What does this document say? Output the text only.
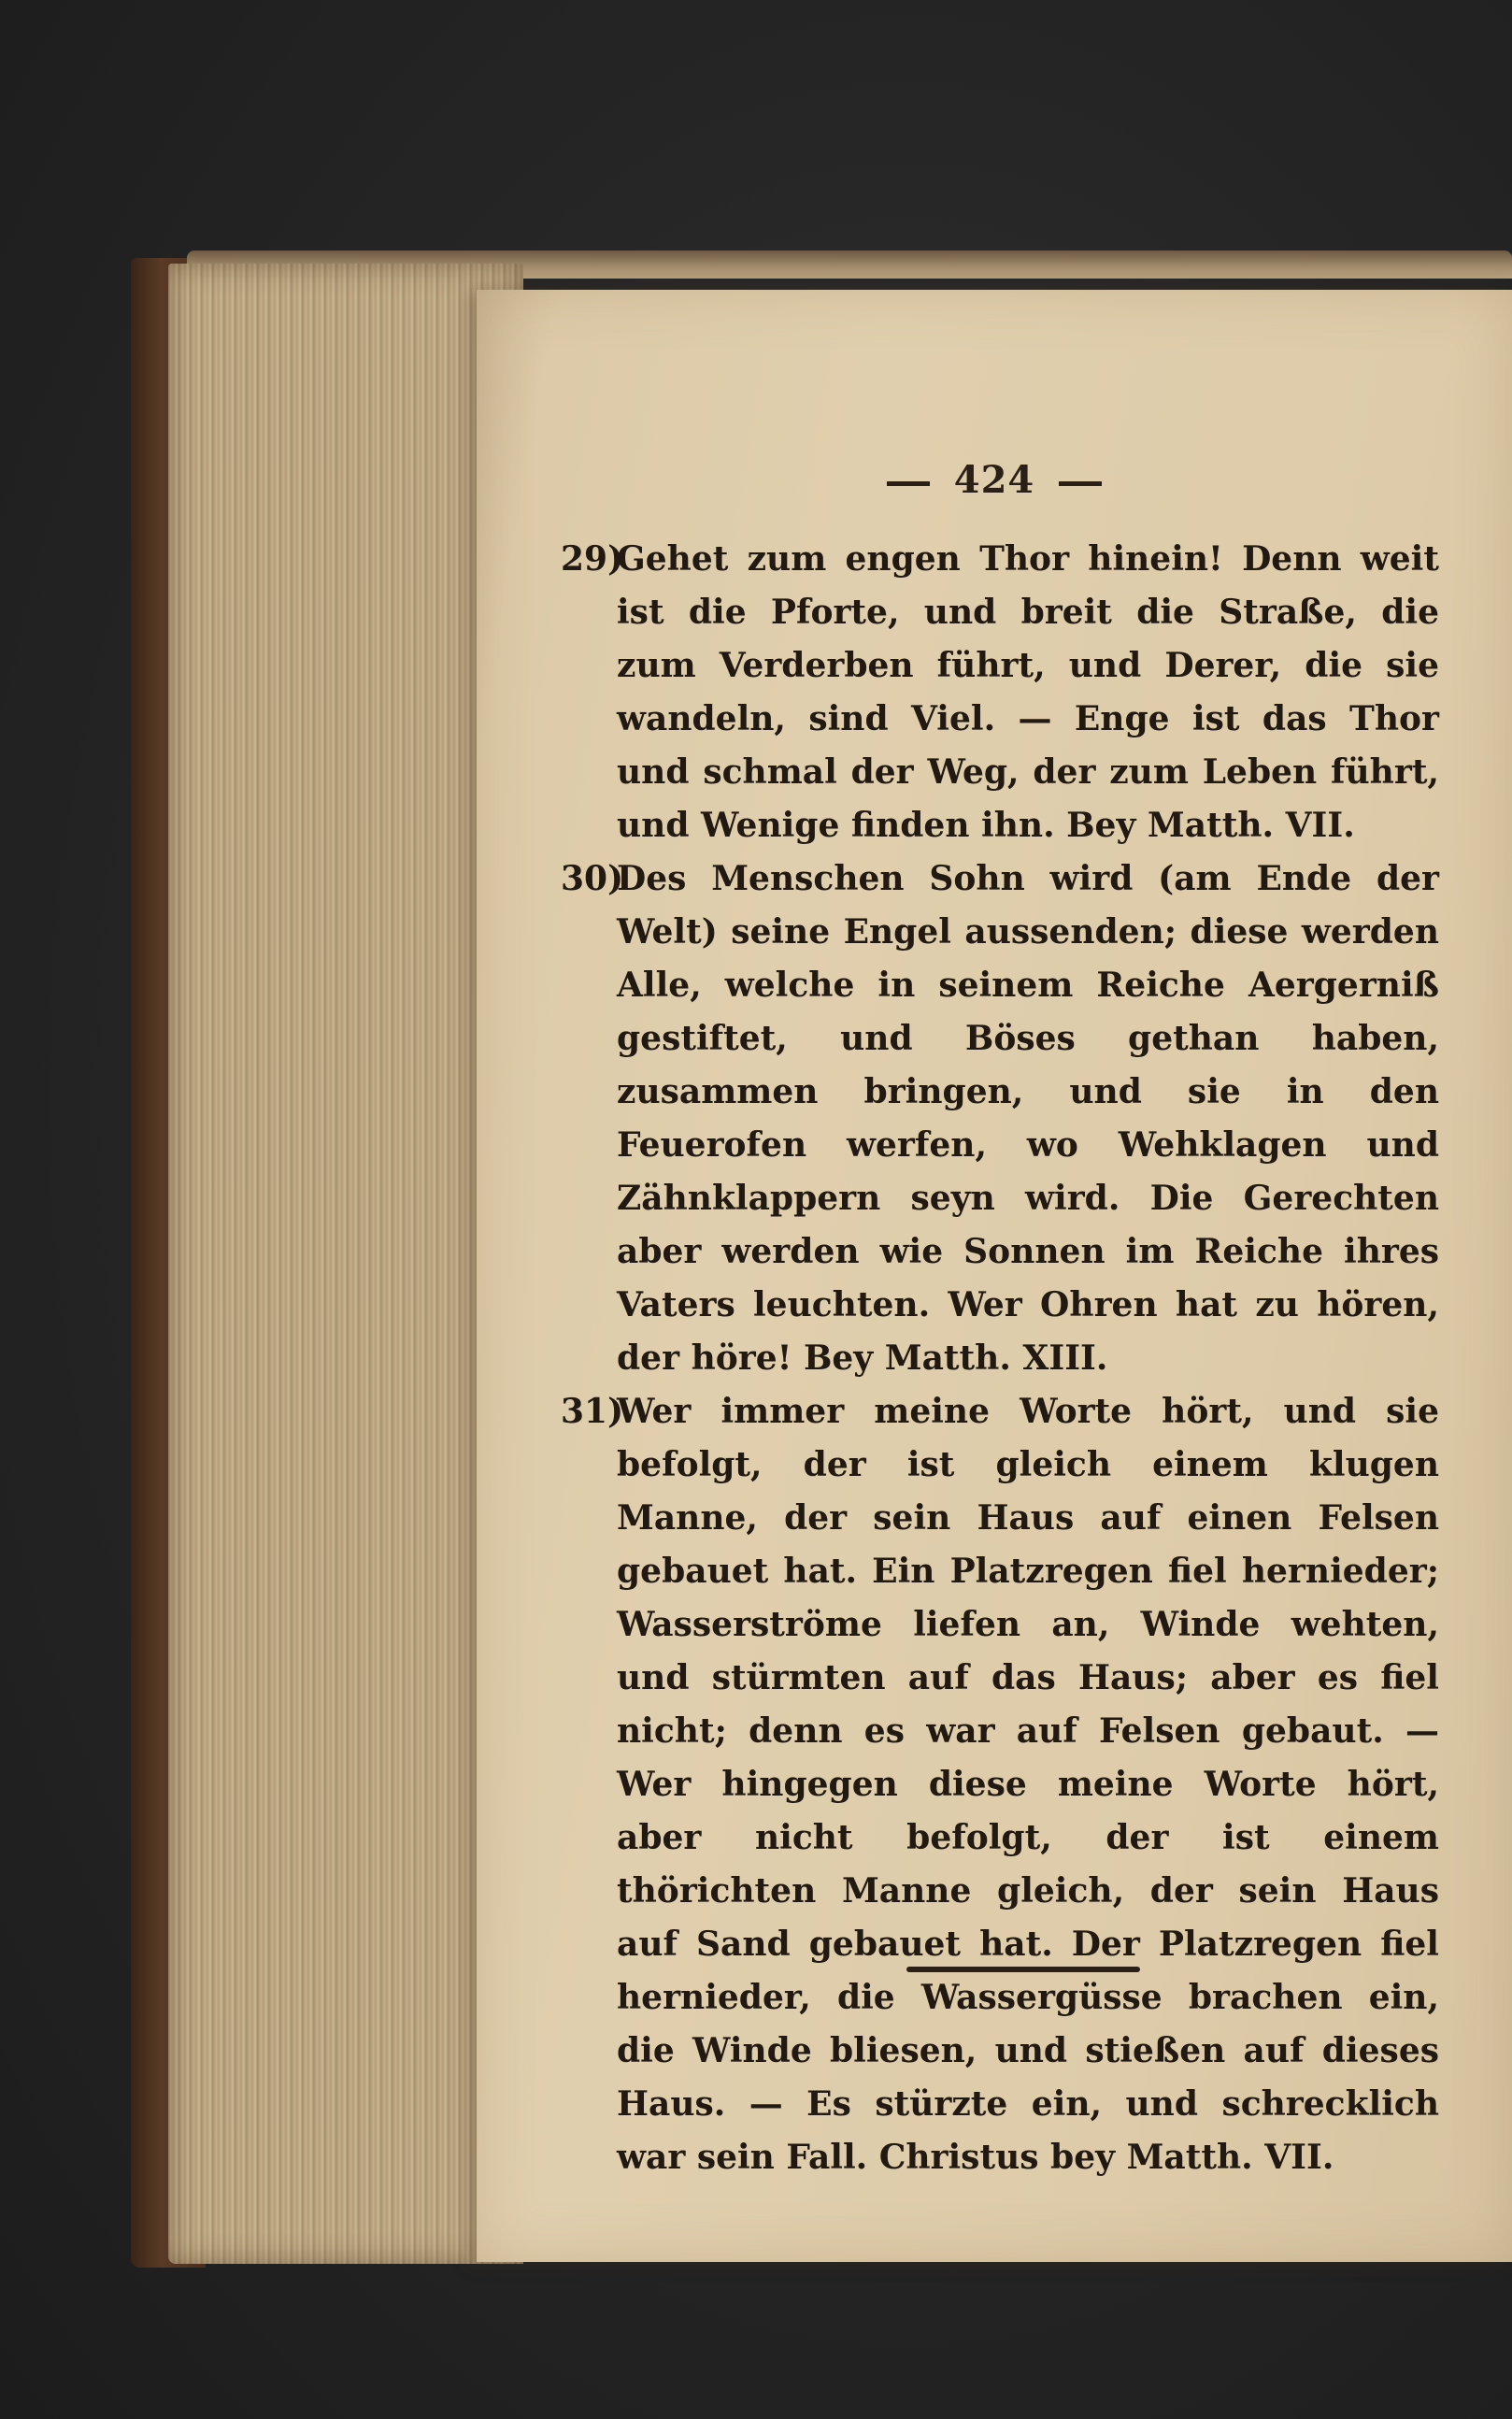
424

29)Gehet zum engen Thor hinein! Denn weit ist die Pforte, und breit die Straße, die zum Verderben führt, und Derer, die sie wandeln, sind Viel. — Enge ist das Thor und schmal der Weg, der zum Leben führt, und Wenige finden ihn. Bey Matth. VII.

30)Des Menschen Sohn wird (am Ende der Welt) seine Engel aussenden; diese werden Alle, welche in seinem Reiche Aergerniß gestiftet, und Böses gethan haben, zusammen bringen, und sie in den Feuerofen werfen, wo Wehklagen und Zähnklappern seyn wird. Die Gerechten aber werden wie Sonnen im Reiche ihres Vaters leuchten. Wer Ohren hat zu hören, der höre! Bey Matth. XIII.

31)Wer immer meine Worte hört, und sie befolgt, der ist gleich einem klugen Manne, der sein Haus auf einen Felsen gebauet hat. Ein Platzregen fiel hernieder; Wasserströme liefen an, Winde wehten, und stürmten auf das Haus; aber es fiel nicht; denn es war auf Felsen gebaut. — Wer hingegen diese meine Worte hört, aber nicht befolgt, der ist einem thörichten Manne gleich, der sein Haus auf Sand gebauet hat. Der Platzregen fiel hernieder, die Wassergüsse brachen ein, die Winde bliesen, und stießen auf dieses Haus. — Es stürzte ein, und schrecklich war sein Fall. Christus bey Matth. VII.
